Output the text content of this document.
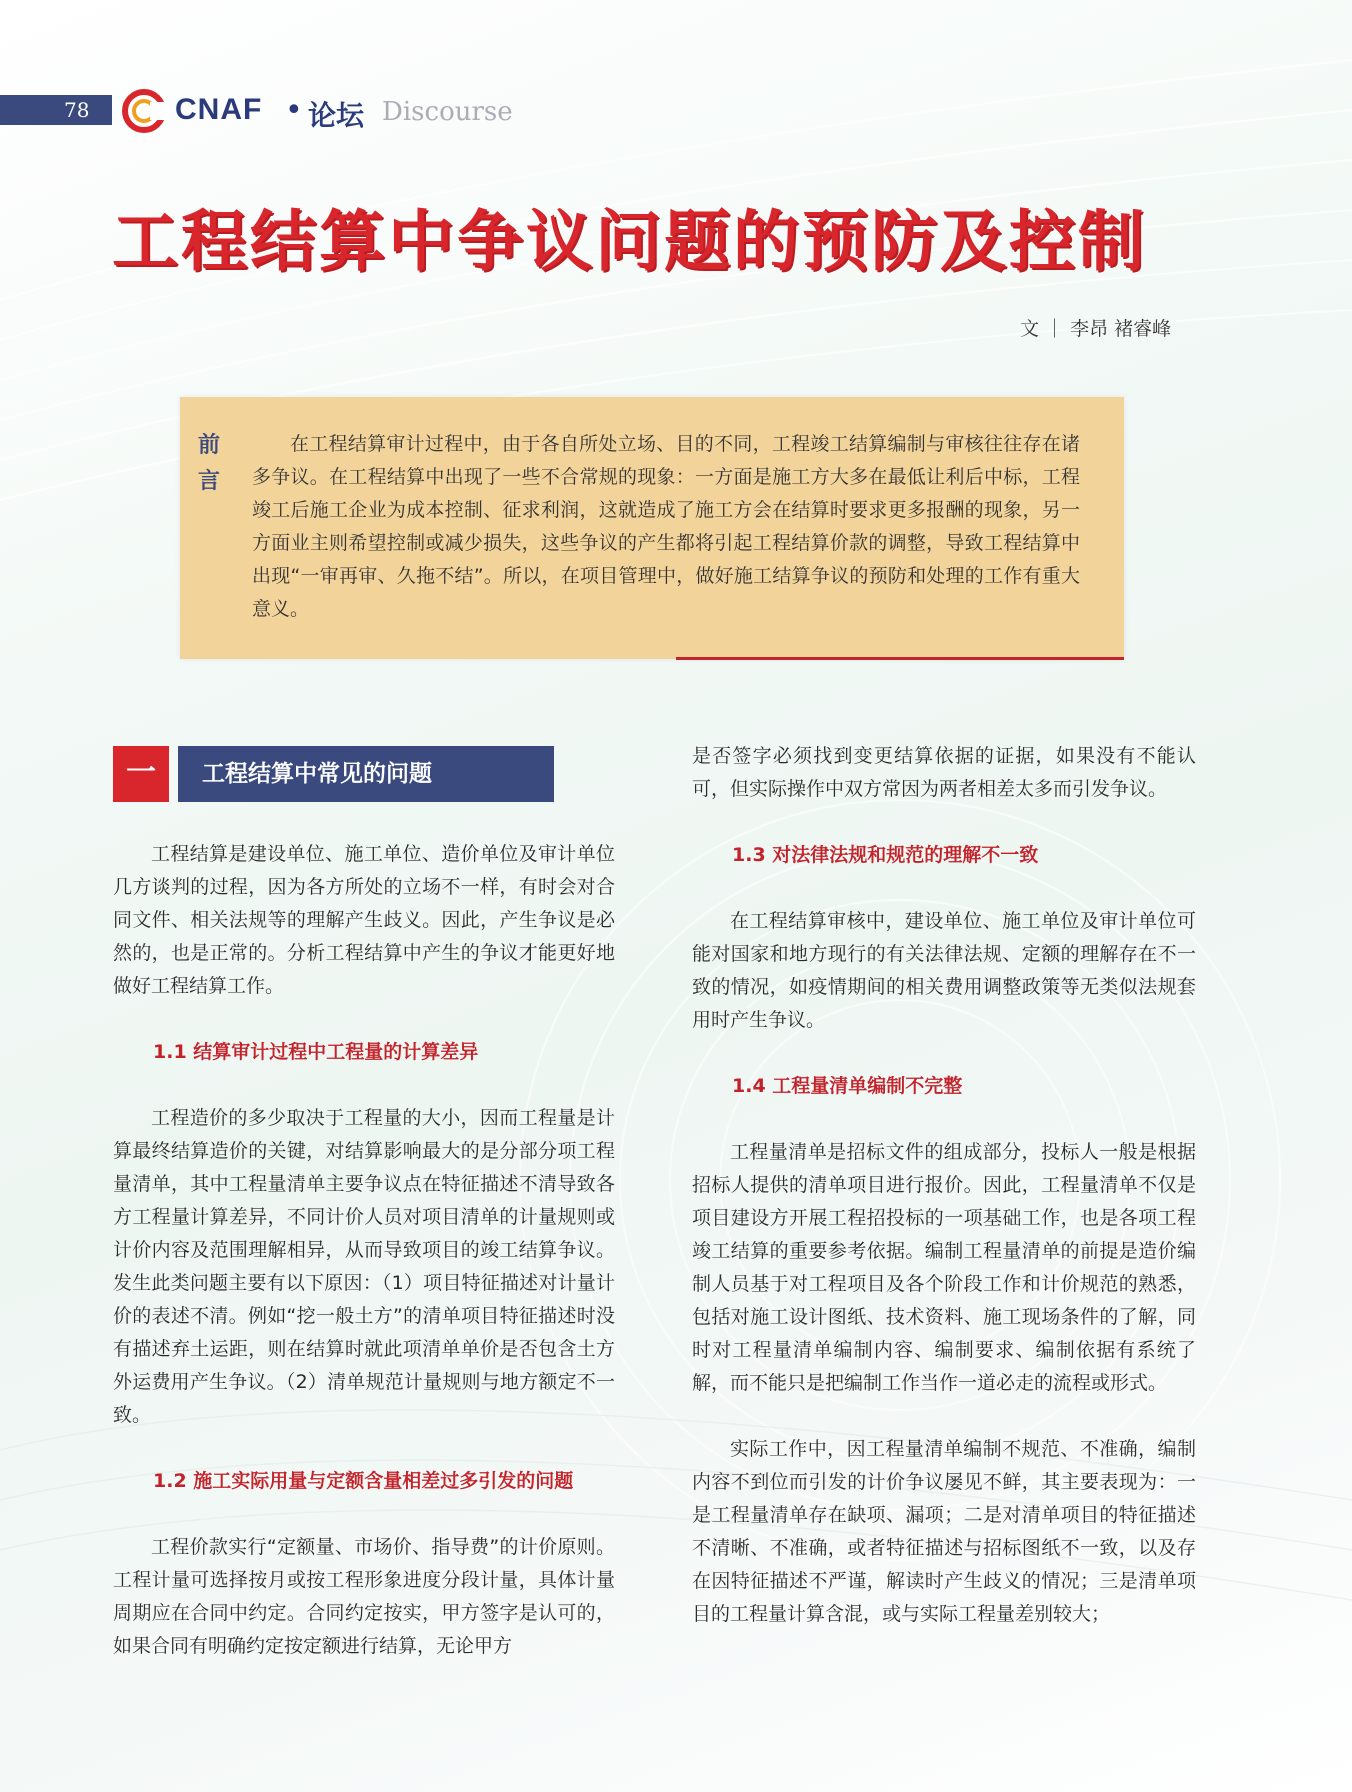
78	CNAF • 论坛 Discourse
工程结算中争议问题的预防及控制
文 ｜ 李昂 褚睿峰
前言

在工程结算审计过程中，由于各自所处立场、目的不同，工程竣工结算编制与审核往往存在诸多争议。在工程结算中出现了一些不合常规的现象：一方面是施工方大多在最低让利后中标，工程竣工后施工企业为成本控制、征求利润，这就造成了施工方会在结算时要求更多报酬的现象，另一方面业主则希望控制或减少损失，这些争议的产生都将引起工程结算价款的调整，导致工程结算中出现“一审再审、久拖不结”。所以，在项目管理中，做好施工结算争议的预防和处理的工作有重大意义。

一	工程结算中常见的问题

工程结算是建设单位、施工单位、造价单位及审计单位几方谈判的过程，因为各方所处的立场不一样，有时会对合同文件、相关法规等的理解产生歧义。因此，产生争议是必然的，也是正常的。分析工程结算中产生的争议才能更好地做好工程结算工作。

1.1 结算审计过程中工程量的计算差异

工程造价的多少取决于工程量的大小，因而工程量是计算最终结算造价的关键，对结算影响最大的是分部分项工程量清单，其中工程量清单主要争议点在特征描述不清导致各方工程量计算差异，不同计价人员对项目清单的计量规则或计价内容及范围理解相异，从而导致项目的竣工结算争议。发生此类问题主要有以下原因：（1）项目特征描述对计量计价的表述不清。例如“挖一般土方”的清单项目特征描述时没有描述弃土运距，则在结算时就此项清单单价是否包含土方外运费用产生争议。（2）清单规范计量规则与地方额定不一致。

1.2 施工实际用量与定额含量相差过多引发的问题

工程价款实行“定额量、市场价、指导费”的计价原则。工程计量可选择按月或按工程形象进度分段计量，具体计量周期应在合同中约定。合同约定按实，甲方签字是认可的，如果合同有明确约定按定额进行结算，无论甲方

是否签字必须找到变更结算依据的证据，如果没有不能认可，但实际操作中双方常因为两者相差太多而引发争议。

1.3 对法律法规和规范的理解不一致

在工程结算审核中，建设单位、施工单位及审计单位可能对国家和地方现行的有关法律法规、定额的理解存在不一致的情况，如疫情期间的相关费用调整政策等无类似法规套用时产生争议。

1.4 工程量清单编制不完整

工程量清单是招标文件的组成部分，投标人一般是根据招标人提供的清单项目进行报价。因此，工程量清单不仅是项目建设方开展工程招投标的一项基础工作，也是各项工程竣工结算的重要参考依据。编制工程量清单的前提是造价编制人员基于对工程项目及各个阶段工作和计价规范的熟悉，包括对施工设计图纸、技术资料、施工现场条件的了解，同时对工程量清单编制内容、编制要求、编制依据有系统了解，而不能只是把编制工作当作一道必走的流程或形式。

实际工作中，因工程量清单编制不规范、不准确，编制内容不到位而引发的计价争议屡见不鲜，其主要表现为：一是工程量清单存在缺项、漏项；二是对清单项目的特征描述不清晰、不准确，或者特征描述与招标图纸不一致，以及存在因特征描述不严谨，解读时产生歧义的情况；三是清单项目的工程量计算含混，或与实际工程量差别较大；
